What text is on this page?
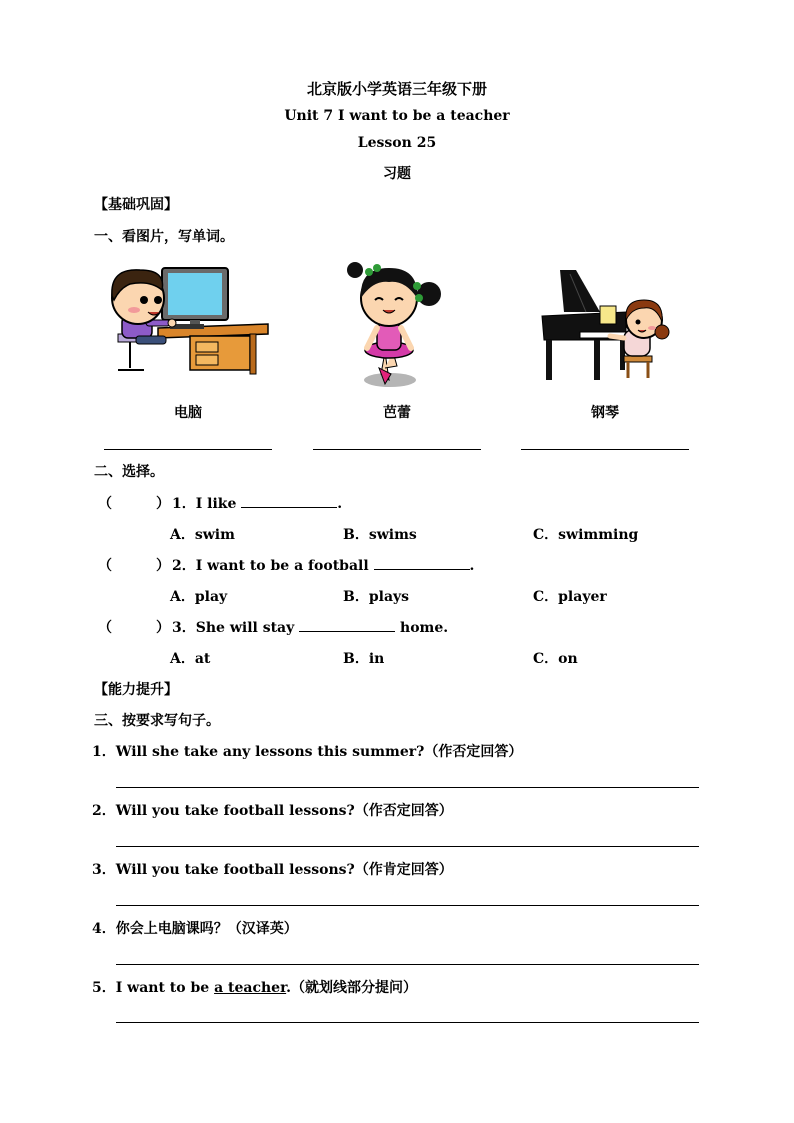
北京版小学英语三年级下册
Unit 7 I want to be a teacher
Lesson 25
习题
【基础巩固】
一、看图片，写单词。
电脑	芭蕾	钢琴
二、选择。
（	） 1．I like	.
A．swim	B．swims	C．swimming
（	） 2．I want to be a football	.
A．play	B．plays	C．player
（	） 3．She will stay	home.
A．at	B．in	C．on
【能力提升】
三、按要求写句子。
1．Will she take any lessons this summer?（作否定回答）
2．Will you take football lessons?（作否定回答）
3．Will you take football lessons?（作肯定回答）
4．你会上电脑课吗？（汉译英）
5．I want to be a teacher.（就划线部分提问）
